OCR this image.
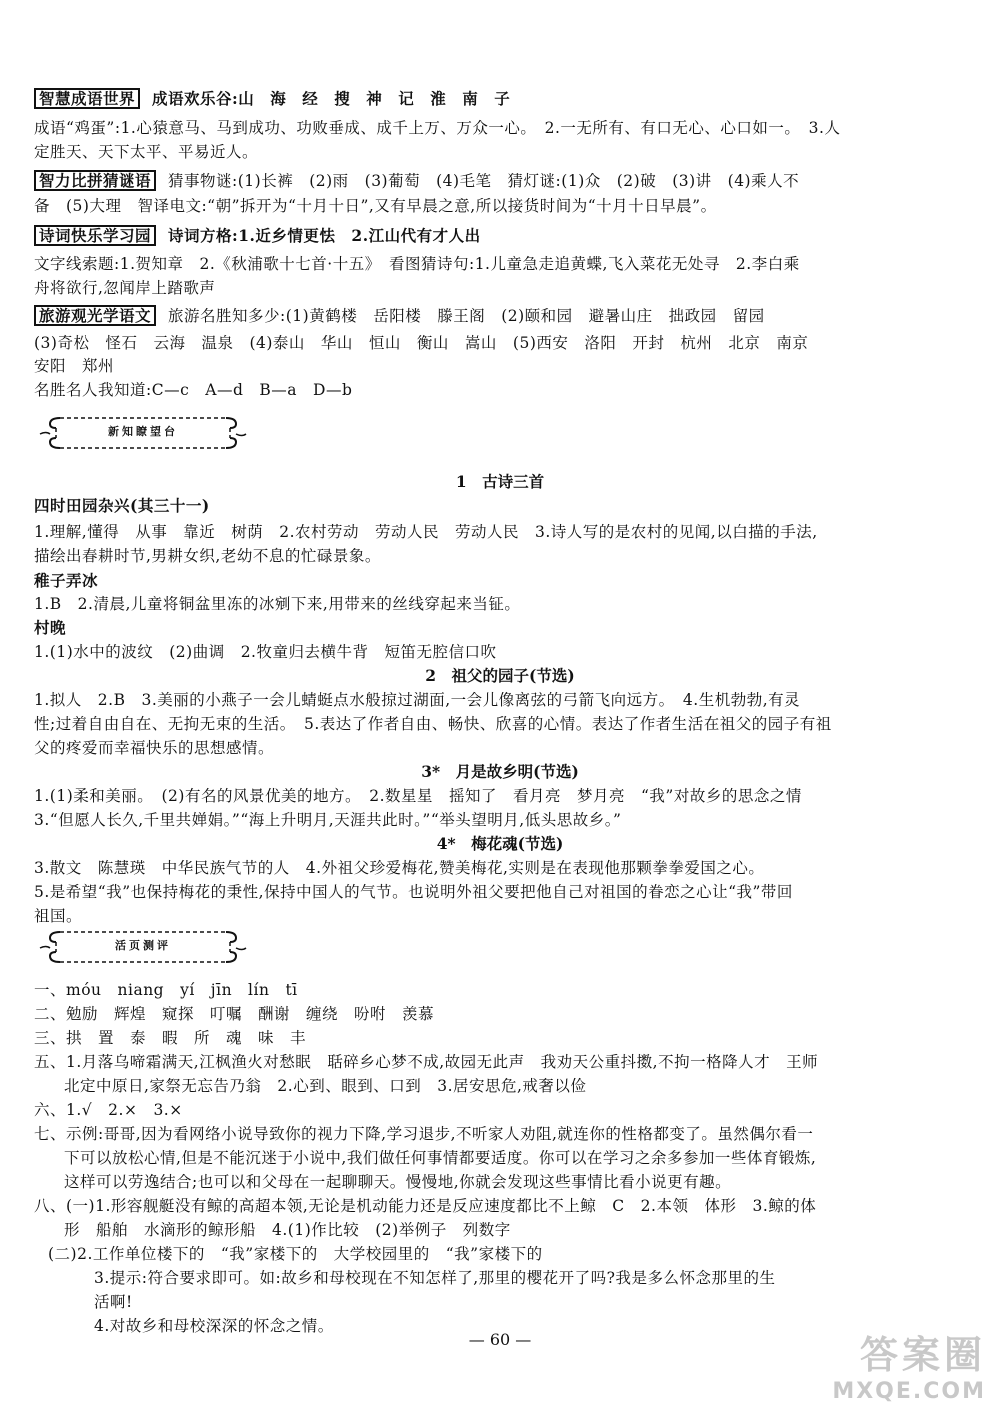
智慧成语世界 成语欢乐谷:山　海　经　搜　神　记　淮　南　子
成语“鸡蛋”:1.心猿意马、马到成功、功败垂成、成千上万、万众一心。　2.一无所有、有口无心、心口如一。　3.人
定胜天、天下太平、平易近人。
智力比拼猜谜语 猜事物谜:(1)长裤　(2)雨　(3)葡萄　(4)毛笔　猜灯谜:(1)众　(2)破　(3)讲　(4)乘人不
备　(5)大理　智译电文:“朝”拆开为“十月十日”,又有早晨之意,所以接货时间为“十月十日早晨”。
诗词快乐学习园 诗词方格:1.近乡情更怯　2.江山代有才人出
文字线索题:1.贺知章　2.《秋浦歌十七首·十五》　看图猜诗句:1.儿童急走追黄蝶,飞入菜花无处寻　2.李白乘
舟将欲行,忽闻岸上踏歌声
旅游观光学语文 旅游名胜知多少:(1)黄鹤楼　岳阳楼　滕王阁　(2)颐和园　避暑山庄　拙政园　留园
(3)奇松　怪石　云海　温泉　(4)泰山　华山　恒山　衡山　嵩山　(5)西安　洛阳　开封　杭州　北京　南京
安阳　郑州
名胜名人我知道:C—c　A—d　B—a　D—b
新知瞭望台
1　古诗三首
四时田园杂兴(其三十一)
1.理解,懂得　从事　靠近　树荫　2.农村劳动　劳动人民　劳动人民　3.诗人写的是农村的见闻,以白描的手法,
描绘出春耕时节,男耕女织,老幼不息的忙碌景象。
稚子弄冰
1.B　2.清晨,儿童将铜盆里冻的冰剜下来,用带来的丝线穿起来当钲。
村晚
1.(1)水中的波纹　(2)曲调　2.牧童归去横牛背　短笛无腔信口吹
2　祖父的园子(节选)
1.拟人　2.B　3.美丽的小燕子一会儿蜻蜓点水般掠过湖面,一会儿像离弦的弓箭飞向远方。　4.生机勃勃,有灵
性;过着自由自在、无拘无束的生活。　5.表达了作者自由、畅快、欣喜的心情。表达了作者生活在祖父的园子有祖
父的疼爱而幸福快乐的思想感情。
3*　月是故乡明(节选)
1.(1)柔和美丽。　(2)有名的风景优美的地方。　2.数星星　摇知了　看月亮　梦月亮　“我”对故乡的思念之情
3.“但愿人长久,千里共婵娟。”“海上升明月,天涯共此时。”“举头望明月,低头思故乡。”
4*　梅花魂(节选)
3.散文　陈慧瑛　中华民族气节的人　4.外祖父珍爱梅花,赞美梅花,实则是在表现他那颗拳拳爱国之心。
5.是希望“我”也保持梅花的秉性,保持中国人的气节。也说明外祖父要把他自己对祖国的眷恋之心让“我”带回
祖国。
活页测评
一、móu　niang　yí　jīn　lín　tī
二、勉励　辉煌　窥探　叮嘱　酬谢　缠绕　吩咐　羡慕
三、拱　置　泰　暇　所　魂　味　丰
五、1.月落乌啼霜满天,江枫渔火对愁眠　聒碎乡心梦不成,故园无此声　我劝天公重抖擞,不拘一格降人才　王师
北定中原日,家祭无忘告乃翁　2.心到、眼到、口到　3.居安思危,戒奢以俭
六、1.√　2.×　3.×
七、示例:哥哥,因为看网络小说导致你的视力下降,学习退步,不听家人劝阻,就连你的性格都变了。虽然偶尔看一
下可以放松心情,但是不能沉迷于小说中,我们做任何事情都要适度。你可以在学习之余多参加一些体育锻炼,
这样可以劳逸结合;也可以和父母在一起聊聊天。慢慢地,你就会发现这些事情比看小说更有趣。
八、(一)1.形容舰艇没有鲸的高超本领,无论是机动能力还是反应速度都比不上鲸　C　2.本领　体形　3.鲸的体
形　船舶　水滴形的鲸形船　4.(1)作比较　(2)举例子　列数字
(二)2.工作单位楼下的　“我”家楼下的　大学校园里的　“我”家楼下的
3.提示:符合要求即可。如:故乡和母校现在不知怎样了,那里的樱花开了吗?我是多么怀念那里的生
活啊!
4.对故乡和母校深深的怀念之情。
— 60 —	答案圈
MXQE.COM
